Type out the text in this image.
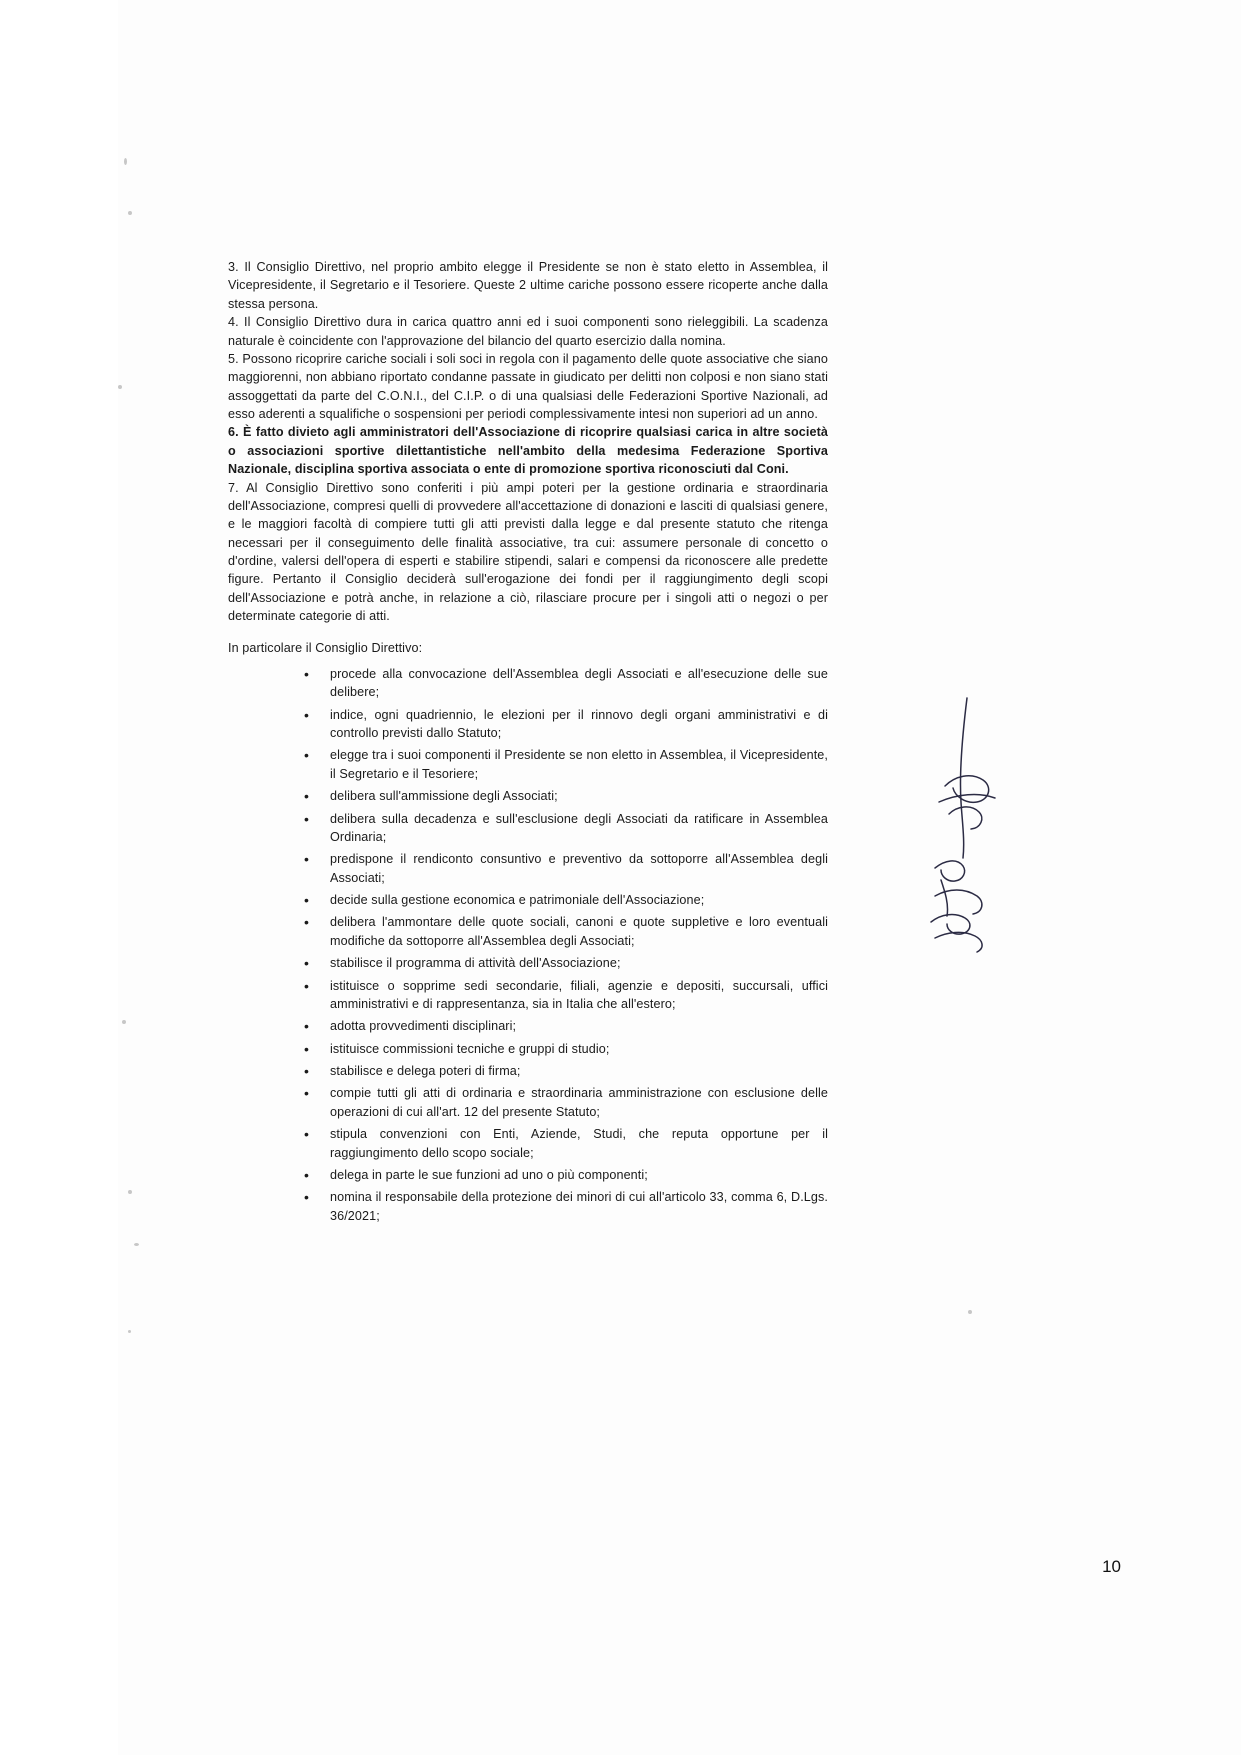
3. Il Consiglio Direttivo, nel proprio ambito elegge il Presidente se non è stato eletto in Assemblea, il Vicepresidente, il Segretario e il Tesoriere. Queste 2 ultime cariche possono essere ricoperte anche dalla stessa persona.

4. Il Consiglio Direttivo dura in carica quattro anni ed i suoi componenti sono rieleggibili. La scadenza naturale è coincidente con l'approvazione del bilancio del quarto esercizio dalla nomina.

5. Possono ricoprire cariche sociali i soli soci in regola con il pagamento delle quote associative che siano maggiorenni, non abbiano riportato condanne passate in giudicato per delitti non colposi e non siano stati assoggettati da parte del C.O.N.I., del C.I.P. o di una qualsiasi delle Federazioni Sportive Nazionali, ad esso aderenti a squalifiche o sospensioni per periodi complessivamente intesi non superiori ad un anno.

6. È fatto divieto agli amministratori dell'Associazione di ricoprire qualsiasi carica in altre società o associazioni sportive dilettantistiche nell'ambito della medesima Federazione Sportiva Nazionale, disciplina sportiva associata o ente di promozione sportiva riconosciuti dal Coni.

7. Al Consiglio Direttivo sono conferiti i più ampi poteri per la gestione ordinaria e straordinaria dell'Associazione, compresi quelli di provvedere all'accettazione di donazioni e lasciti di qualsiasi genere, e le maggiori facoltà di compiere tutti gli atti previsti dalla legge e dal presente statuto che ritenga necessari per il conseguimento delle finalità associative, tra cui: assumere personale di concetto o d'ordine, valersi dell'opera di esperti e stabilire stipendi, salari e compensi da riconoscere alle predette figure. Pertanto il Consiglio deciderà sull'erogazione dei fondi per il raggiungimento degli scopi dell'Associazione e potrà anche, in relazione a ciò, rilasciare procure per i singoli atti o negozi o per determinate categorie di atti.

In particolare il Consiglio Direttivo:

• procede alla convocazione dell'Assemblea degli Associati e all'esecuzione delle sue delibere;
• indice, ogni quadriennio, le elezioni per il rinnovo degli organi amministrativi e di controllo previsti dallo Statuto;
• elegge tra i suoi componenti il Presidente se non eletto in Assemblea, il Vicepresidente, il Segretario e il Tesoriere;
• delibera sull'ammissione degli Associati;
• delibera sulla decadenza e sull'esclusione degli Associati da ratificare in Assemblea Ordinaria;
• predispone il rendiconto consuntivo e preventivo da sottoporre all'Assemblea degli Associati;
• decide sulla gestione economica e patrimoniale dell'Associazione;
• delibera l'ammontare delle quote sociali, canoni e quote suppletive e loro eventuali modifiche da sottoporre all'Assemblea degli Associati;
• stabilisce il programma di attività dell'Associazione;
• istituisce o sopprime sedi secondarie, filiali, agenzie e depositi, succursali, uffici amministrativi e di rappresentanza, sia in Italia che all'estero;
• adotta provvedimenti disciplinari;
• istituisce commissioni tecniche e gruppi di studio;
• stabilisce e delega poteri di firma;
• compie tutti gli atti di ordinaria e straordinaria amministrazione con esclusione delle operazioni di cui all'art. 12 del presente Statuto;
• stipula convenzioni con Enti, Aziende, Studi, che reputa opportune per il raggiungimento dello scopo sociale;
• delega in parte le sue funzioni ad uno o più componenti;
• nomina il responsabile della protezione dei minori di cui all'articolo 33, comma 6, D.Lgs. 36/2021;
10
